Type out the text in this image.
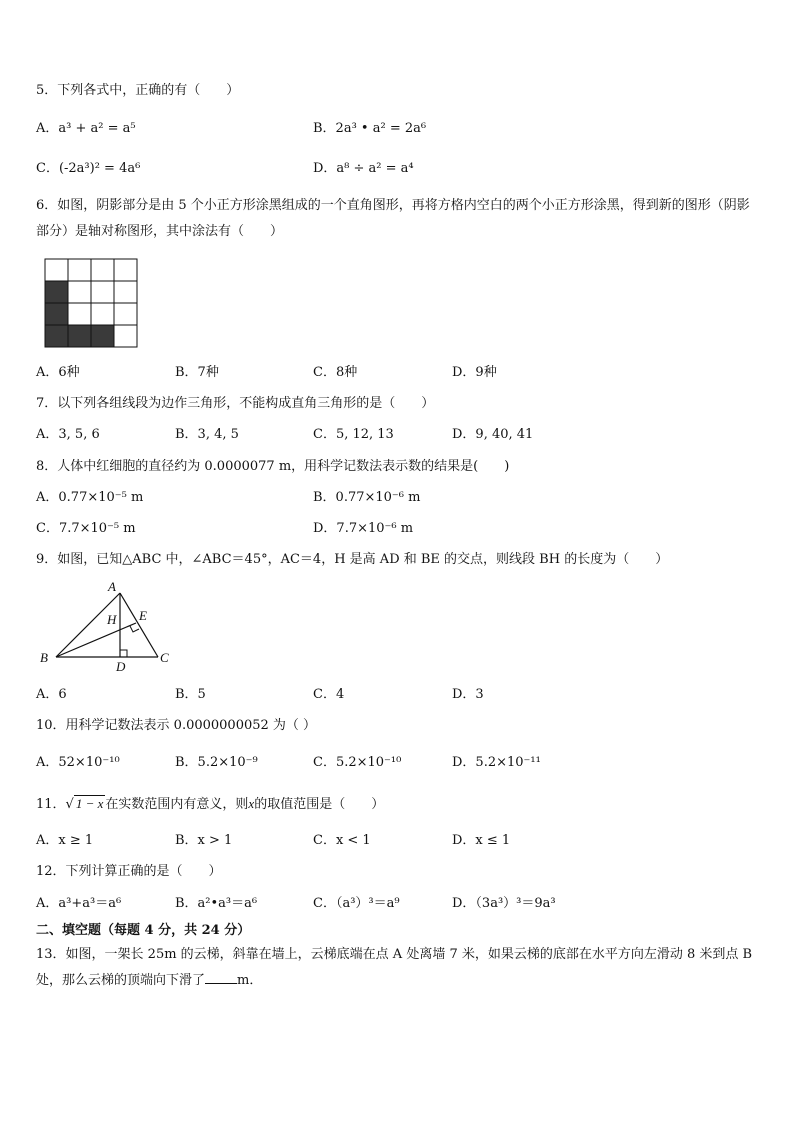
5．下列各式中，正确的有（　　）
A．a³ + a² = a⁵	B．2a³ • a² = 2a⁶
C．(-2a³)² = 4a⁶	D．a⁸ ÷ a² = a⁴
6．如图，阴影部分是由 5 个小正方形涂黑组成的一个直角图形，再将方格内空白的两个小正方形涂黑，得到新的图形（阴影部分）是轴对称图形，其中涂法有（　　）
A．6种	B．7种	C．8种	D．9种
7．以下列各组线段为边作三角形，不能构成直角三角形的是（　　）
A．3, 5, 6	B．3, 4, 5	C．5, 12, 13	D．9, 40, 41
8．人体中红细胞的直径约为 0.0000077 m，用科学记数法表示数的结果是(　　)
A．0.77×10⁻⁵ m	B．0.77×10⁻⁶ m
C．7.7×10⁻⁵ m	D．7.7×10⁻⁶ m
9．如图，已知△ABC 中，∠ABC＝45°，AC＝4，H 是高 AD 和 BE 的交点，则线段 BH 的长度为（　　）
A
B	C
D
E
H
A．6	B．5	C．4	D．3
10．用科学记数法表示 0.0000000052 为（ ）
A．52×10⁻¹⁰	B．5.2×10⁻⁹	C．5.2×10⁻¹⁰	D．5.2×10⁻¹¹
11．√ 1 − x 在实数范围内有意义，则x的取值范围是（　　）
A．x ≥ 1	B．x > 1	C．x < 1	D．x ≤ 1
12．下列计算正确的是（　　）
A．a³+a³＝a⁶	B．a²•a³＝a⁶	C．（a³）³＝a⁹	D．（3a³）³＝9a³
二、填空题（每题 4 分，共 24 分）
13．如图，一架长 25m 的云梯，斜靠在墙上，云梯底端在点 A 处离墙 7 米，如果云梯的底部在水平方向左滑动 8 米到点 B 处，那么云梯的顶端向下滑了 m．
